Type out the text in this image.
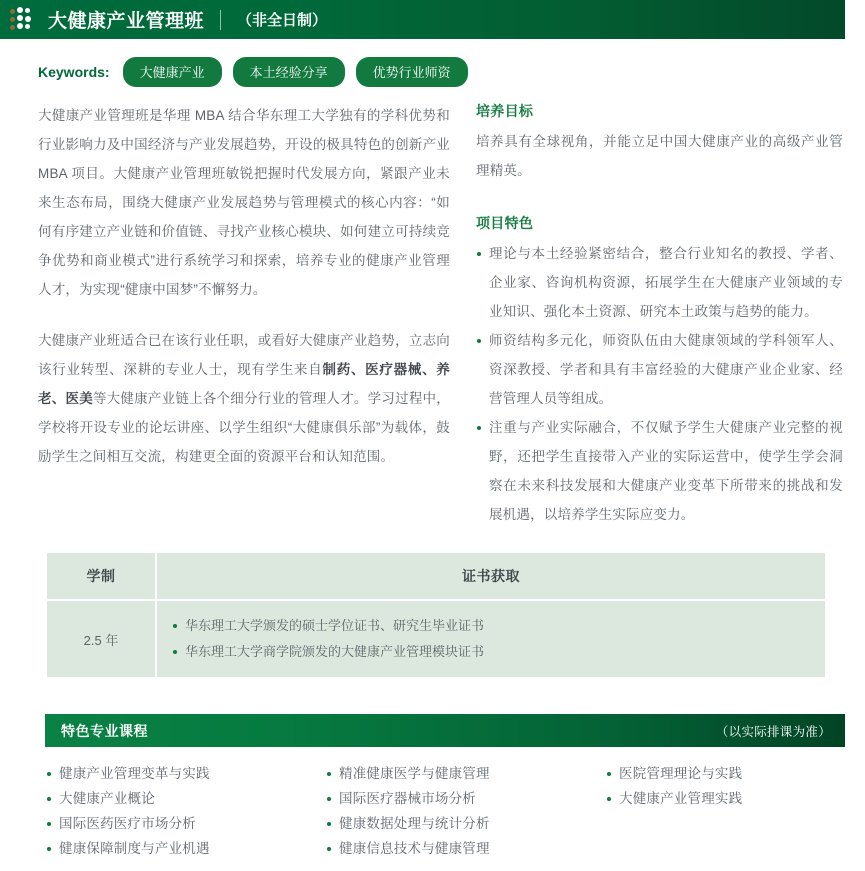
大健康产业管理班 （非全日制）
Keywords:	大健康产业	本土经验分享	优势行业师资

大健康产业管理班是华理 MBA 结合华东理工大学独有的学科优势和行业影响力及中国经济与产业发展趋势，开设的极具特色的创新产业 MBA 项目。大健康产业管理班敏锐把握时代发展方向，紧跟产业未来生态布局，围绕大健康产业发展趋势与管理模式的核心内容：“如何有序建立产业链和价值链、寻找产业核心模块、如何建立可持续竞争优势和商业模式”进行系统学习和探索，培养专业的健康产业管理人才，为实现“健康中国梦”不懈努力。

大健康产业班适合已在该行业任职，或看好大健康产业趋势，立志向该行业转型、深耕的专业人士，现有学生来自制药、医疗器械、养老、医美等大健康产业链上各个细分行业的管理人才。学习过程中，学校将开设专业的论坛讲座、以学生组织“大健康俱乐部”为载体，鼓励学生之间相互交流，构建更全面的资源平台和认知范围。

培养目标

培养具有全球视角，并能立足中国大健康产业的高级产业管理精英。

项目特色
理论与本土经验紧密结合，整合行业知名的教授、学者、企业家、咨询机构资源，拓展学生在大健康产业领域的专业知识、强化本土资源、研究本土政策与趋势的能力。
师资结构多元化，师资队伍由大健康领域的学科领军人、资深教授、学者和具有丰富经验的大健康产业企业家、经营管理人员等组成。
注重与产业实际融合，不仅赋予学生大健康产业完整的视野，还把学生直接带入产业的实际运营中，使学生学会洞察在未来科技发展和大健康产业变革下所带来的挑战和发展机遇，以培养学生实际应变力。
学制	证书获取
2.5 年	
华东理工大学颁发的硕士学位证书、研究生毕业证书
华东理工大学商学院颁发的大健康产业管理模块证书
特色专业课程	（以实际排课为准）
健康产业管理变革与实践
大健康产业概论
国际医药医疗市场分析
健康保障制度与产业机遇
精准健康医学与健康管理
国际医疗器械市场分析
健康数据处理与统计分析
健康信息技术与健康管理
医院管理理论与实践
大健康产业管理实践
